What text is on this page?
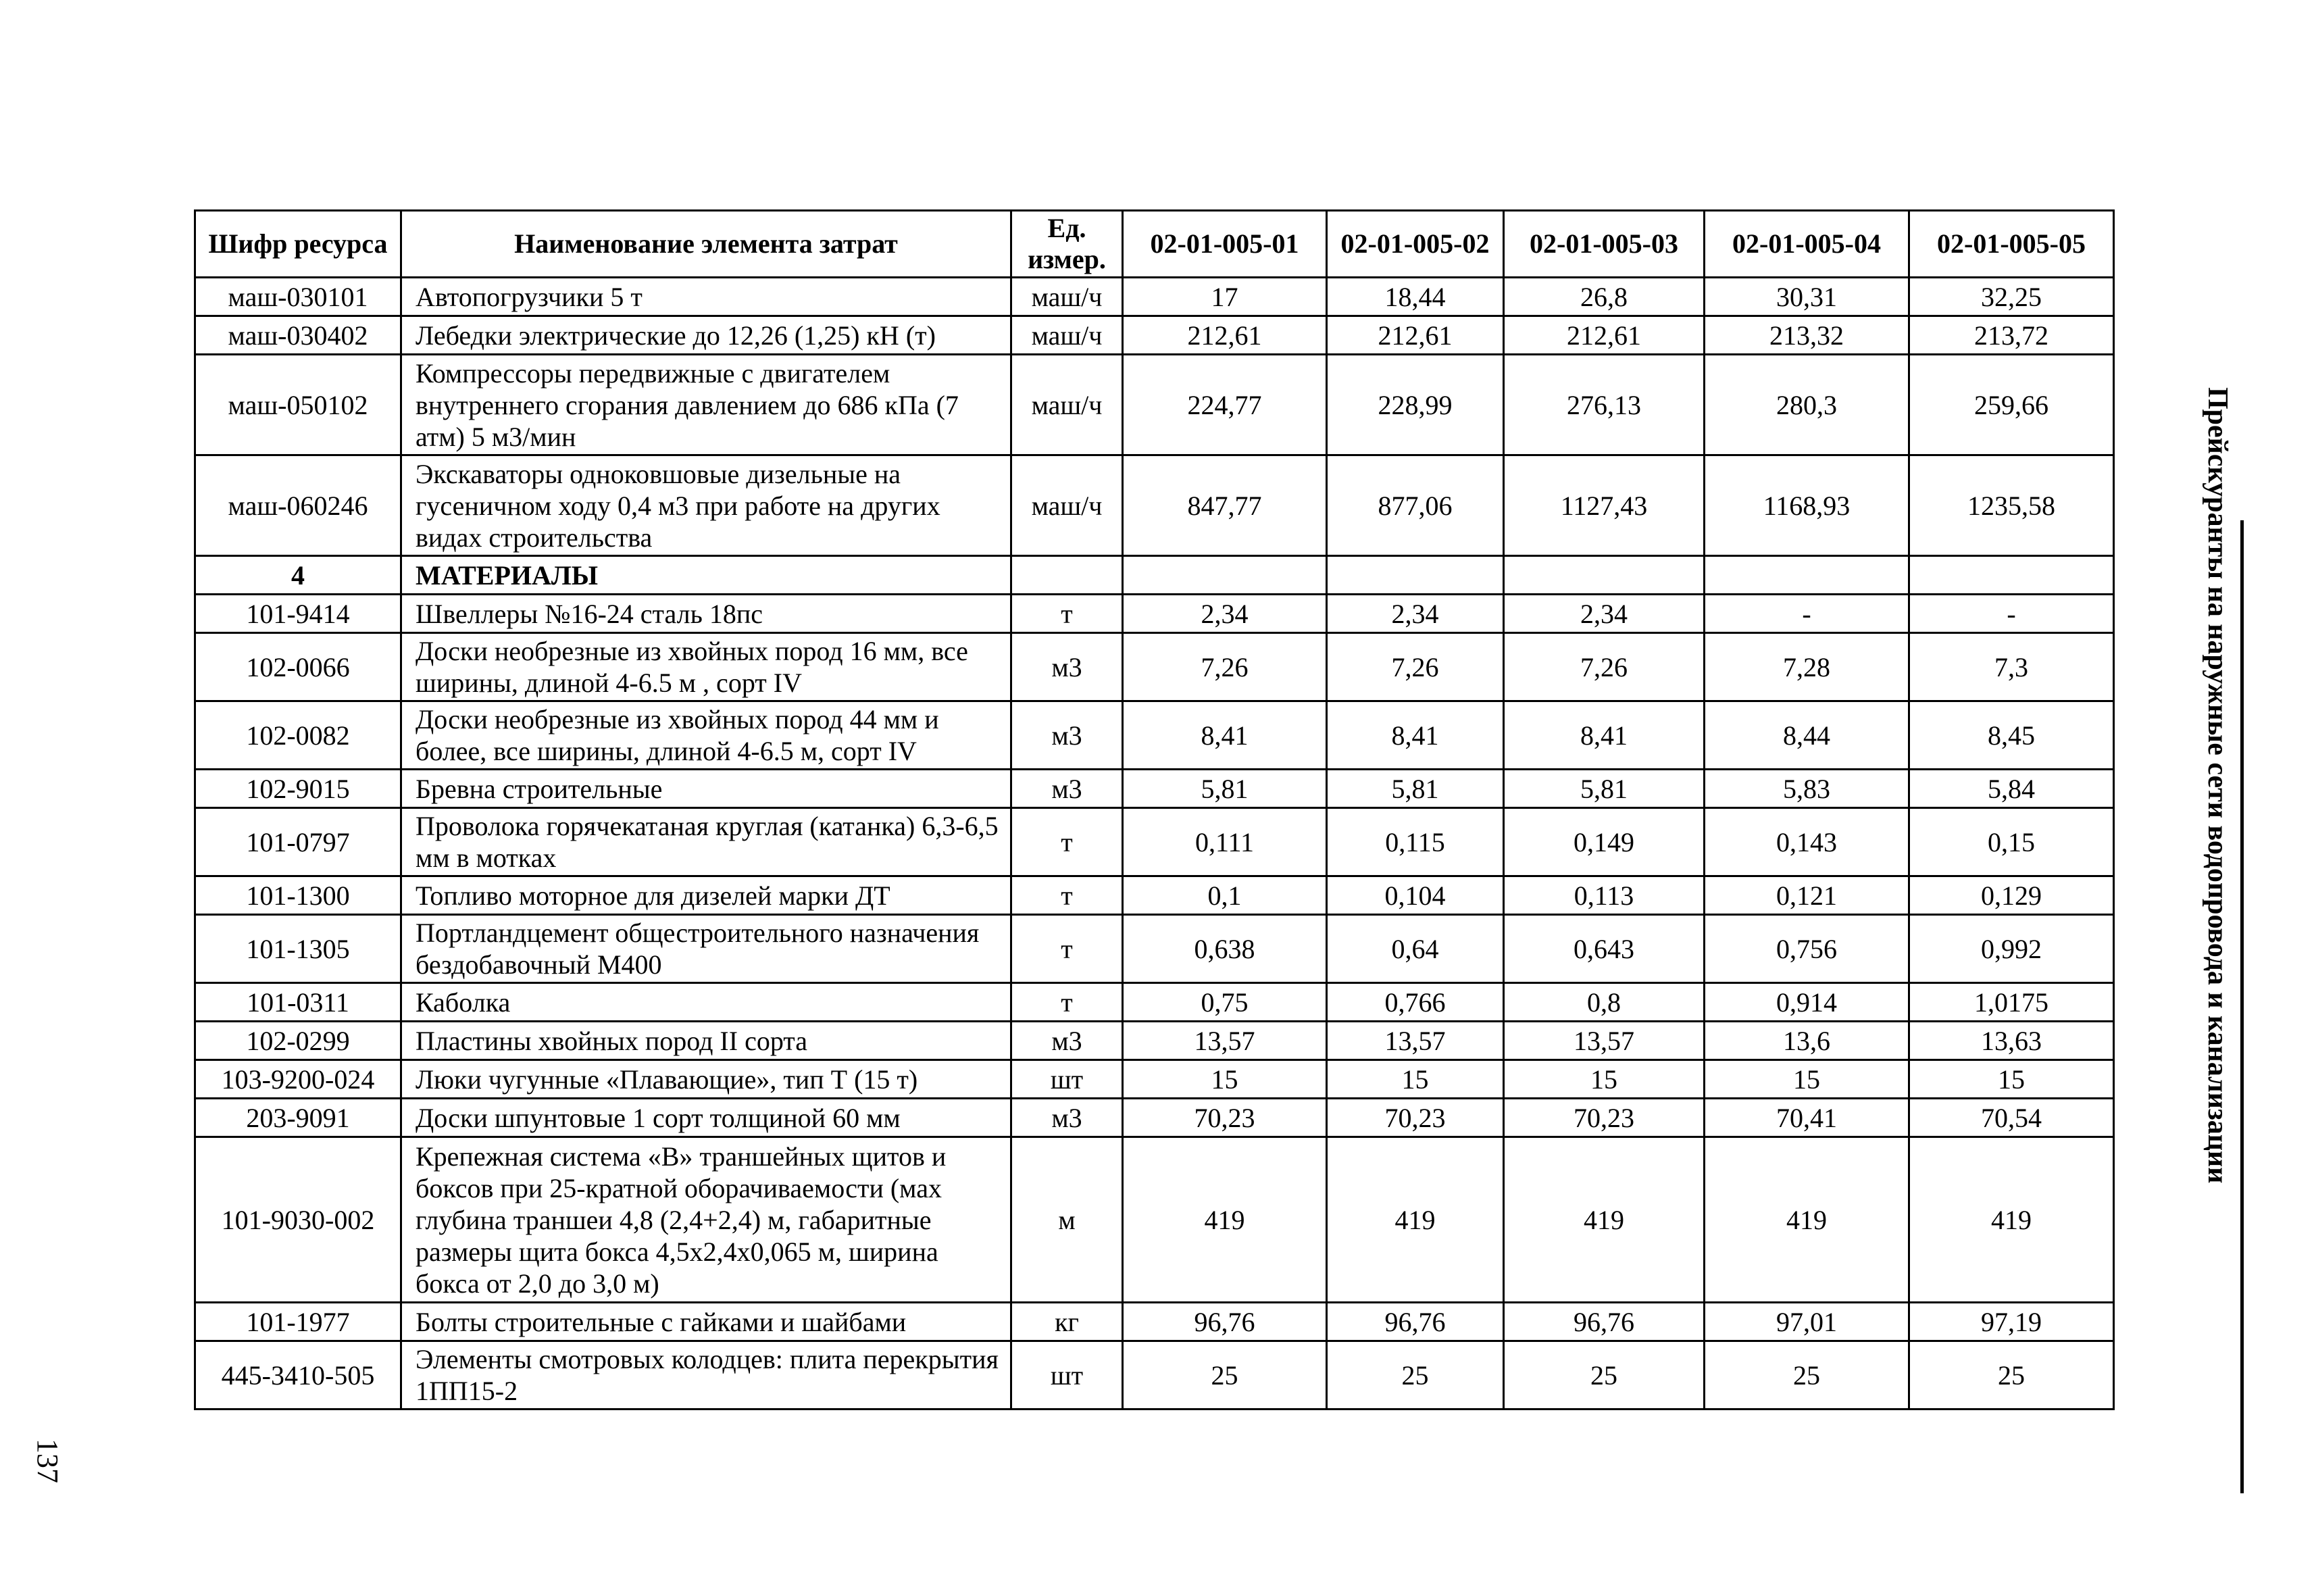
Шифр ресурса	Наименование элемента затрат	Ед. измер.	02-01-005-01	02-01-005-02	02-01-005-03	02-01-005-04	02-01-005-05
маш-030101	Автопогрузчики 5 т	маш/ч	17	18,44	26,8	30,31	32,25
маш-030402	Лебедки электрические до 12,26 (1,25) кН (т)	маш/ч	212,61	212,61	212,61	213,32	213,72
маш-050102	Компрессоры передвижные с двигателем внутреннего сгорания давлением до 686 кПа (7 атм) 5 м3/мин	маш/ч	224,77	228,99	276,13	280,3	259,66
маш-060246	Экскаваторы одноковшовые дизельные на гусеничном ходу 0,4 м3 при работе на других видах строительства	маш/ч	847,77	877,06	1127,43	1168,93	1235,58
4	МАТЕРИАЛЫ						
101-9414	Швеллеры №16-24 сталь 18пс	т	2,34	2,34	2,34	-	-
102-0066	Доски необрезные из хвойных пород 16 мм, все ширины, длиной 4-6.5 м , сорт IV	м3	7,26	7,26	7,26	7,28	7,3
102-0082	Доски необрезные из хвойных пород 44 мм и более, все ширины, длиной 4-6.5 м, сорт IV	м3	8,41	8,41	8,41	8,44	8,45
102-9015	Бревна строительные	м3	5,81	5,81	5,81	5,83	5,84
101-0797	Проволока горячекатаная круглая (катанка) 6,3-6,5 мм в мотках	т	0,111	0,115	0,149	0,143	0,15
101-1300	Топливо моторное для дизелей марки ДТ	т	0,1	0,104	0,113	0,121	0,129
101-1305	Портландцемент общестроительного назначения бездобавочный М400	т	0,638	0,64	0,643	0,756	0,992
101-0311	Каболка	т	0,75	0,766	0,8	0,914	1,0175
102-0299	Пластины хвойных пород II сорта	м3	13,57	13,57	13,57	13,6	13,63
103-9200-024	Люки чугунные «Плавающие», тип Т (15 т)	шт	15	15	15	15	15
203-9091	Доски шпунтовые 1 сорт толщиной 60 мм	м3	70,23	70,23	70,23	70,41	70,54
101-9030-002	Крепежная система «В» траншейных щитов и боксов при 25-кратной оборачиваемости (мах глубина траншеи 4,8 (2,4+2,4) м, габаритные размеры щита бокса 4,5х2,4х0,065 м, ширина бокса от 2,0 до 3,0 м)	м	419	419	419	419	419
101-1977	Болты строительные с гайками и шайбами	кг	96,76	96,76	96,76	97,01	97,19
445-3410-505	Элементы смотровых колодцев: плита перекрытия 1ПП15-2	шт	25	25	25	25	25
Прейскуранты на наружные сети водопровода и канализации
137
